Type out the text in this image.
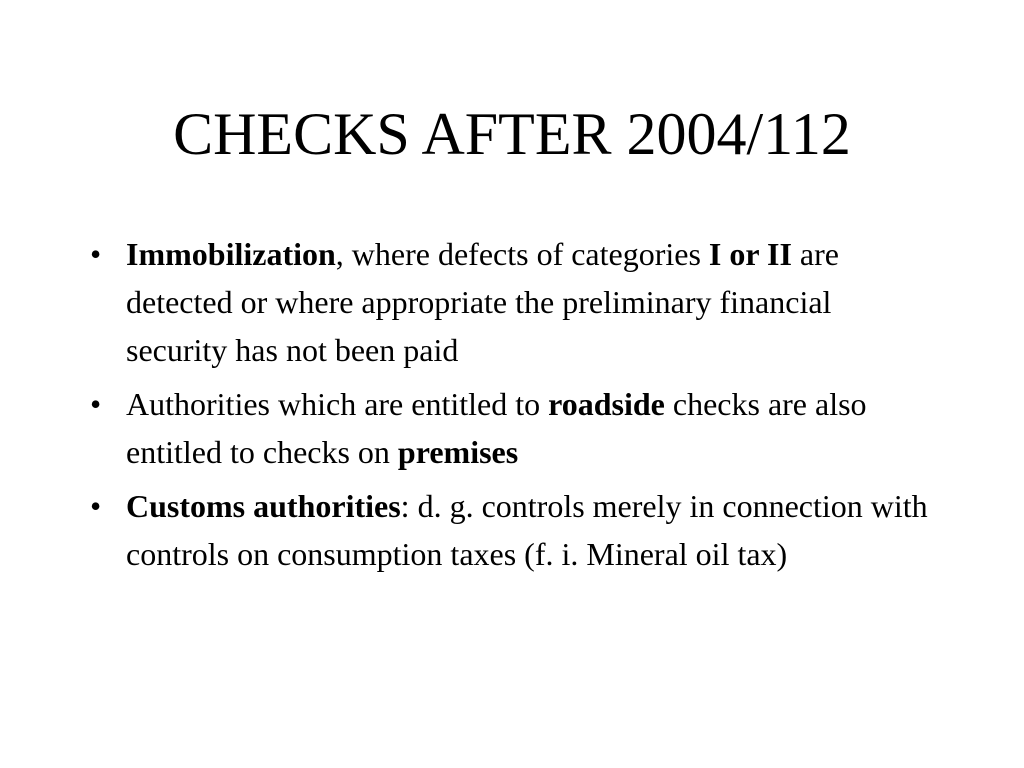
CHECKS AFTER 2004/112
• Immobilization, where defects of categories I or II are detected or where appropriate the preliminary financial security has not been paid
• Authorities which are entitled to roadside checks are also entitled to checks on premises
• Customs authorities: d. g. controls merely in connection with controls on consumption taxes (f. i. Mineral oil tax)
